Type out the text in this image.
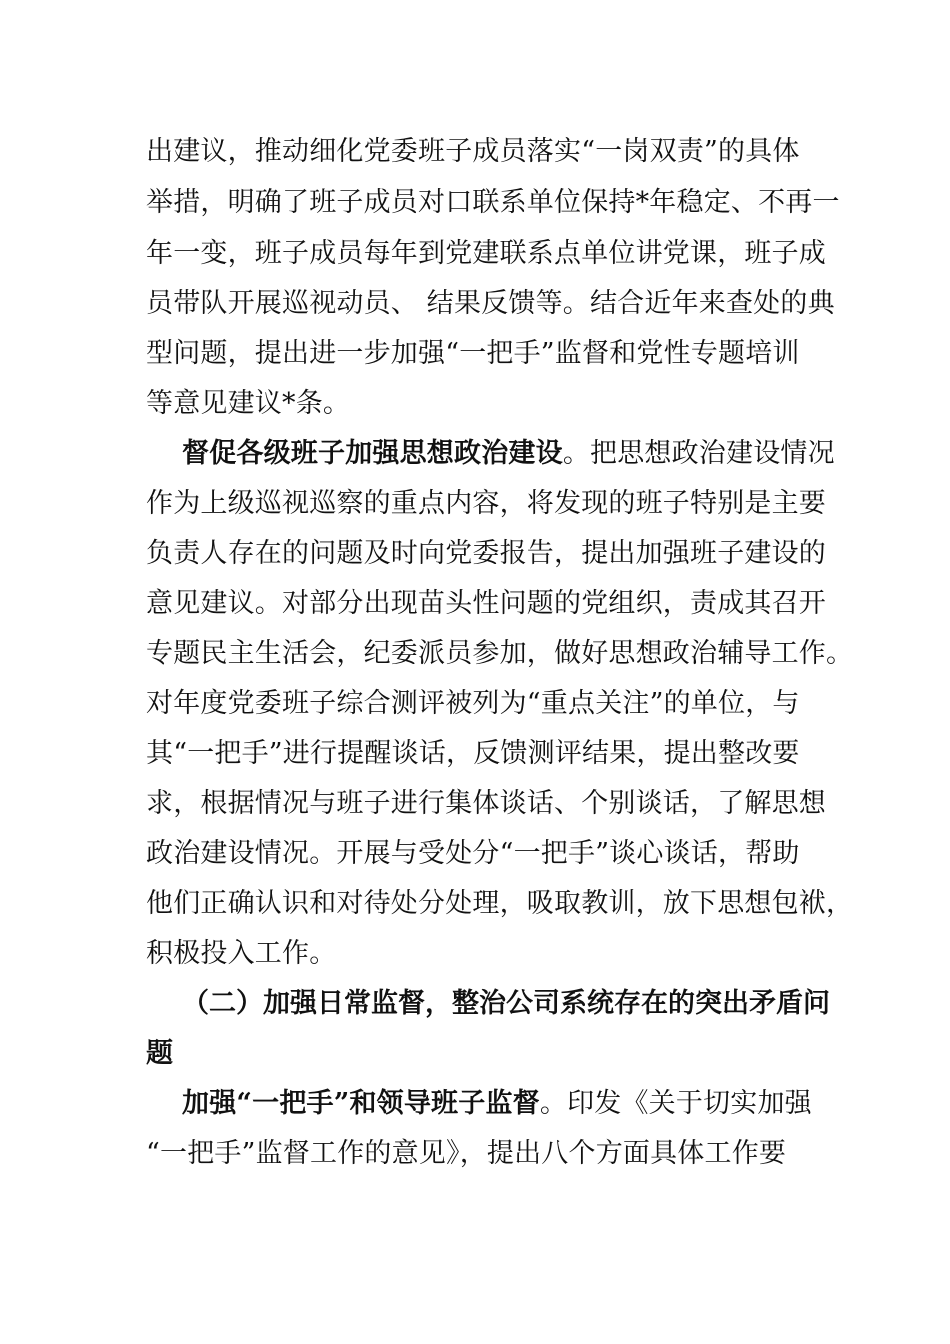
出建议，推动细化党委班子成员落实“一岗双责”的具体
举措，明确了班子成员对口联系单位保持*年稳定、不再一
年一变，班子成员每年到党建联系点单位讲党课，班子成
员带队开展巡视动员、 结果反馈等。结合近年来查处的典
型问题，提出进一步加强“一把手”监督和党性专题培训
等意见建议*条。
督促各级班子加强思想政治建设。把思想政治建设情况
作为上级巡视巡察的重点内容，将发现的班子特别是主要
负责人存在的问题及时向党委报告，提出加强班子建设的
意见建议。对部分出现苗头性问题的党组织，责成其召开
专题民主生活会，纪委派员参加，做好思想政治辅导工作。
对年度党委班子综合测评被列为“重点关注”的单位，与
其“一把手”进行提醒谈话，反馈测评结果，提出整改要
求，根据情况与班子进行集体谈话、个别谈话，了解思想
政治建设情况。开展与受处分“一把手”谈心谈话，帮助
他们正确认识和对待处分处理，吸取教训，放下思想包袱，
积极投入工作。
（二）加强日常监督，整治公司系统存在的突出矛盾问
题
加强“一把手”和领导班子监督。印发《关于切实加强
“一把手”监督工作的意见》，提出八个方面具体工作要
